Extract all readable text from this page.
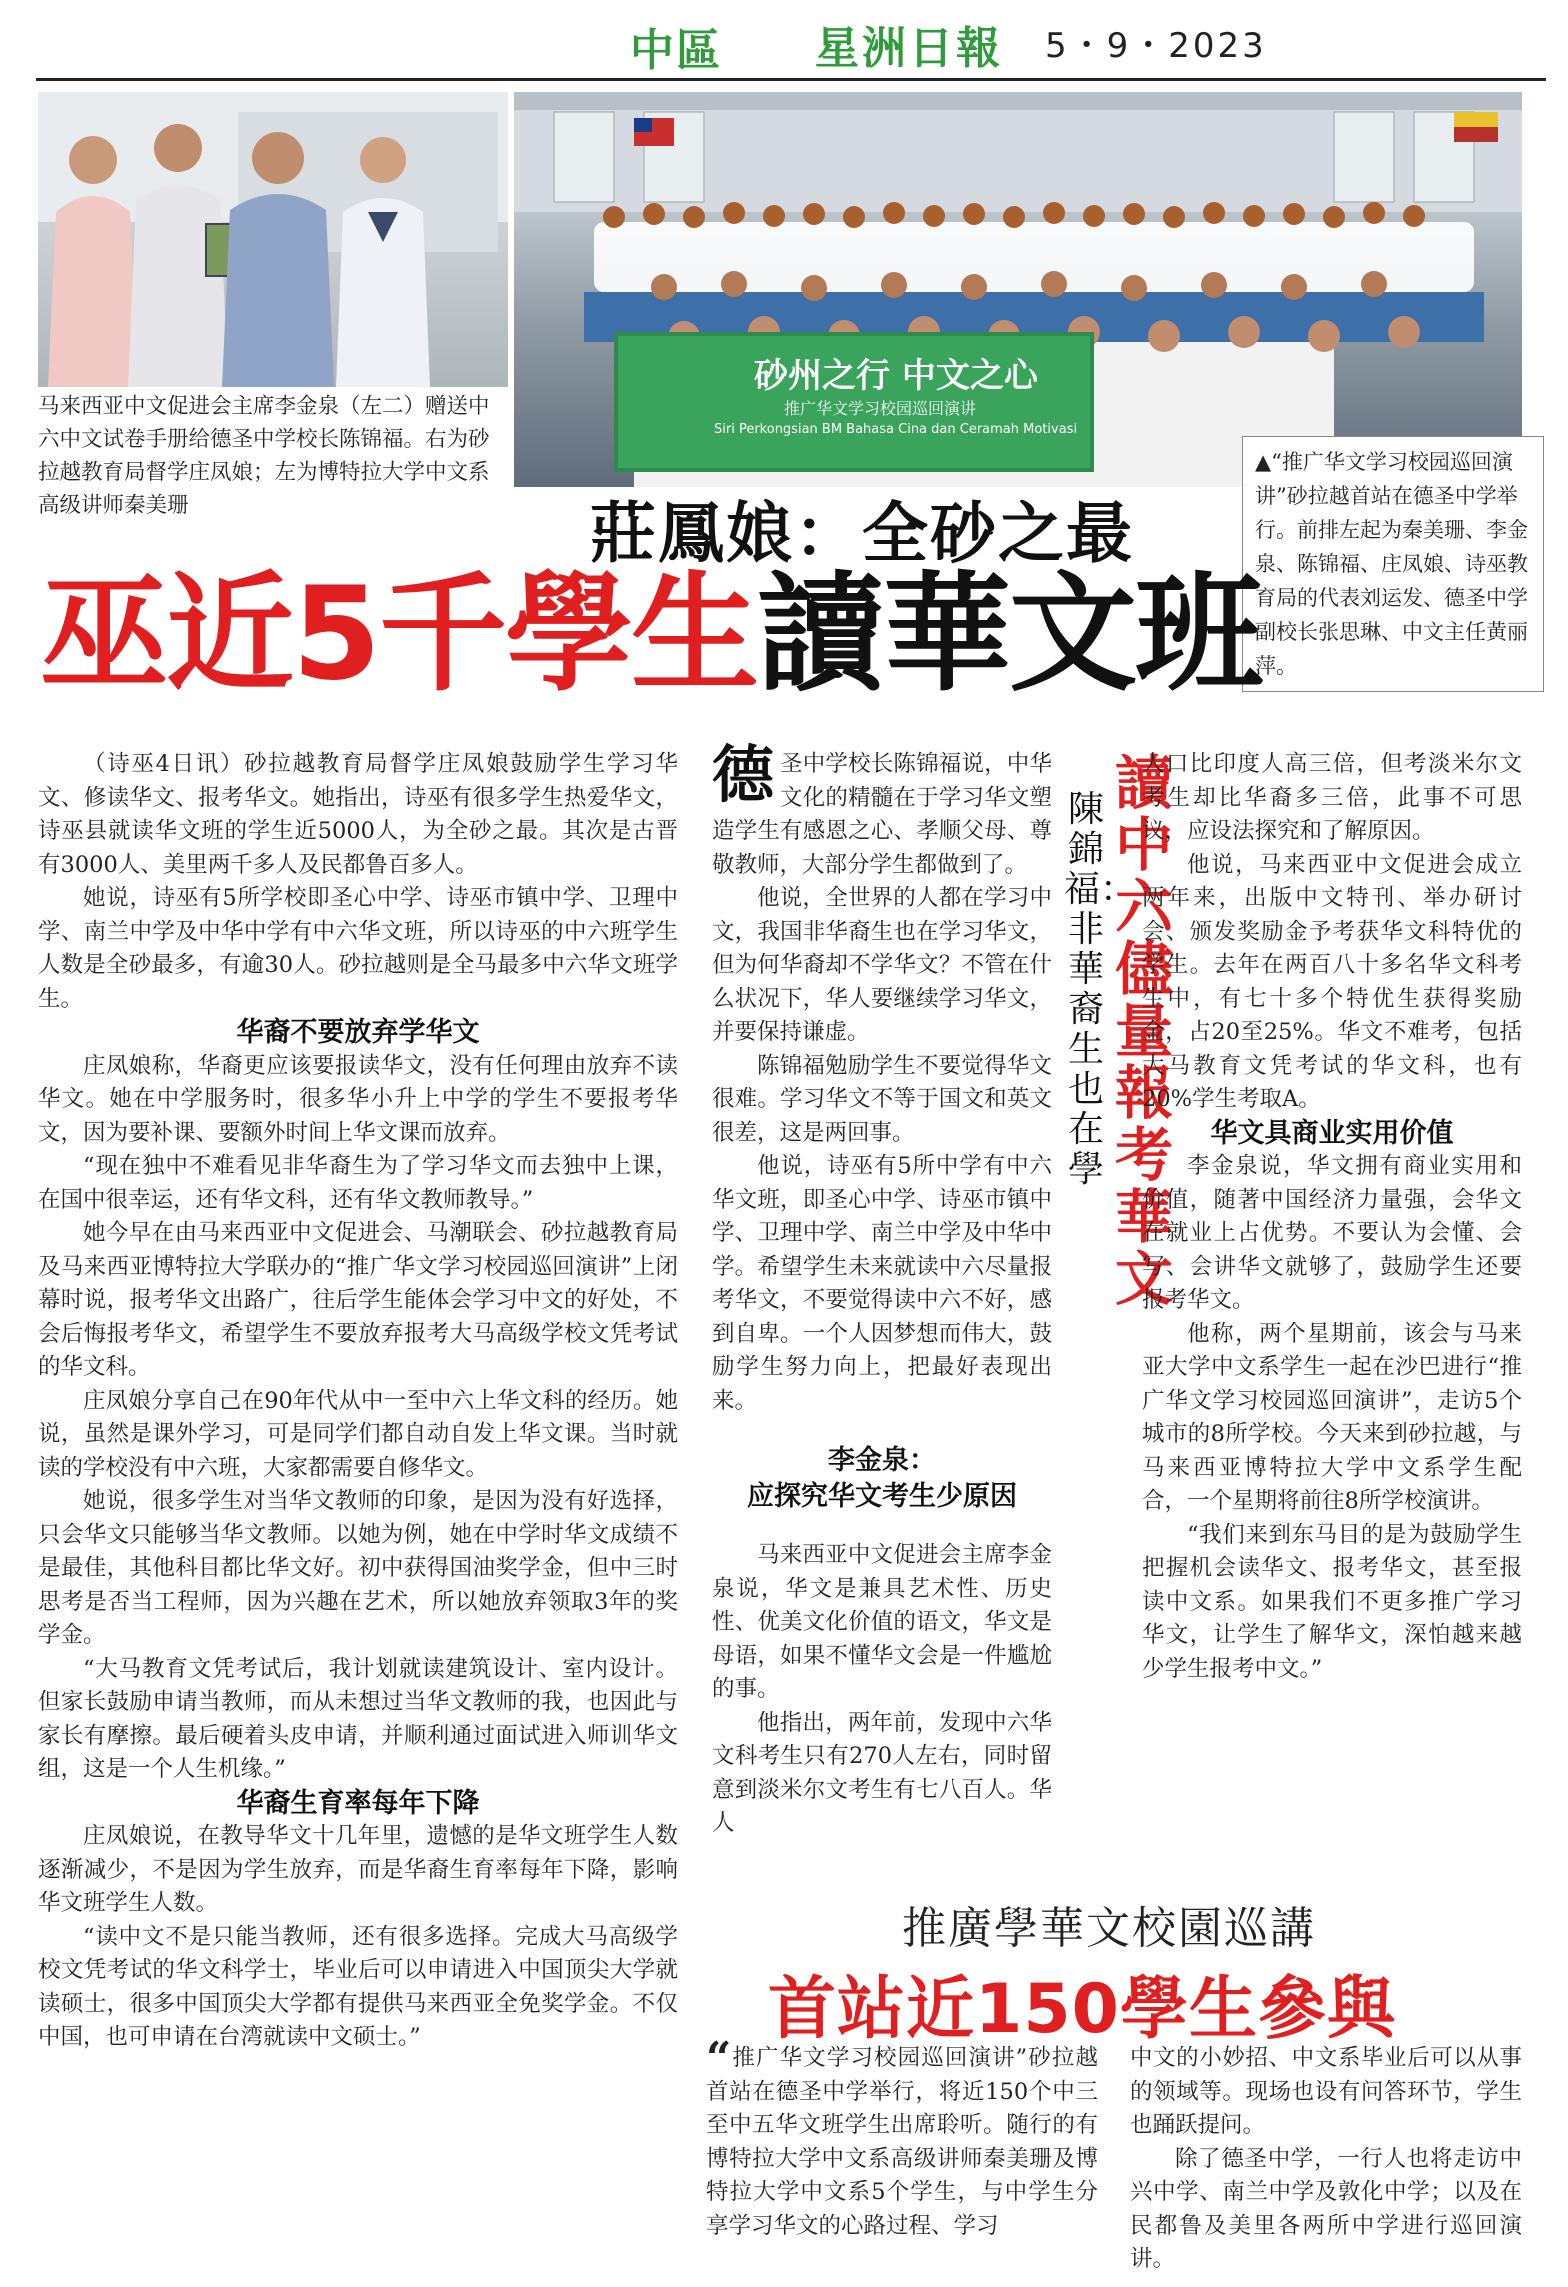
中區 星洲日報 5・9・2023
马来西亚中文促进会主席李金泉（左二）赠送中六中文试卷手册给德圣中学校长陈锦福。右为砂拉越教育局督学庄凤娘；左为博特拉大学中文系高级讲师秦美珊
砂州之行 中文之心
推广华文学习校园巡回演讲
Siri Perkongsian BM Bahasa Cina dan Ceramah Motivasi
▲“推广华文学习校园巡回演讲”砂拉越首站在德圣中学举行。前排左起为秦美珊、李金泉、陈锦福、庄凤娘、诗巫教育局的代表刘运发、德圣中学副校长张思琳、中文主任黄丽萍。
莊鳳娘：全砂之最
巫近5千學生讀華文班

（诗巫4日讯）砂拉越教育局督学庄凤娘鼓励学生学习华文、修读华文、报考华文。她指出，诗巫有很多学生热爱华文，诗巫县就读华文班的学生近5000人，为全砂之最。其次是古晋有3000人、美里两千多人及民都鲁百多人。

她说，诗巫有5所学校即圣心中学、诗巫市镇中学、卫理中学、南兰中学及中华中学有中六华文班，所以诗巫的中六班学生人数是全砂最多，有逾30人。砂拉越则是全马最多中六华文班学生。

华裔不要放弃学华文

庄凤娘称，华裔更应该要报读华文，没有任何理由放弃不读华文。她在中学服务时，很多华小升上中学的学生不要报考华文，因为要补课、要额外时间上华文课而放弃。

“现在独中不难看见非华裔生为了学习华文而去独中上课，在国中很幸运，还有华文科，还有华文教师教导。”

她今早在由马来西亚中文促进会、马潮联会、砂拉越教育局及马来西亚博特拉大学联办的“推广华文学习校园巡回演讲”上闭幕时说，报考华文出路广，往后学生能体会学习中文的好处，不会后悔报考华文，希望学生不要放弃报考大马高级学校文凭考试的华文科。

庄凤娘分享自己在90年代从中一至中六上华文科的经历。她说，虽然是课外学习，可是同学们都自动自发上华文课。当时就读的学校没有中六班，大家都需要自修华文。

她说，很多学生对当华文教师的印象，是因为没有好选择，只会华文只能够当华文教师。以她为例，她在中学时华文成绩不是最佳，其他科目都比华文好。初中获得国油奖学金，但中三时思考是否当工程师，因为兴趣在艺术，所以她放弃领取3年的奖学金。

“大马教育文凭考试后，我计划就读建筑设计、室内设计。但家长鼓励申请当教师，而从未想过当华文教师的我，也因此与家长有摩擦。最后硬着头皮申请，并顺利通过面试进入师训华文组，这是一个人生机缘。”

华裔生育率每年下降

庄凤娘说，在教导华文十几年里，遗憾的是华文班学生人数逐渐减少，不是因为学生放弃，而是华裔生育率每年下降，影响华文班学生人数。

“读中文不是只能当教师，还有很多选择。完成大马高级学校文凭考试的华文科学士，毕业后可以申请进入中国顶尖大学就读硕士，很多中国顶尖大学都有提供马来西亚全免奖学金。不仅中国，也可申请在台湾就读中文硕士。”

德圣中学校长陈锦福说，中华文化的精髓在于学习华文塑造学生有感恩之心、孝顺父母、尊敬教师，大部分学生都做到了。

他说，全世界的人都在学习中文，我国非华裔生也在学习华文，但为何华裔却不学华文？不管在什么状况下，华人要继续学习华文，并要保持谦虚。

陈锦福勉励学生不要觉得华文很难。学习华文不等于国文和英文很差，这是两回事。

他说，诗巫有5所中学有中六华文班，即圣心中学、诗巫市镇中学、卫理中学、南兰中学及中华中学。希望学生未来就读中六尽量报考华文，不要觉得读中六不好，感到自卑。一个人因梦想而伟大，鼓励学生努力向上，把最好表现出来。

李金泉：

应探究华文考生少原因

马来西亚中文促进会主席李金泉说，华文是兼具艺术性、历史性、优美文化价值的语文，华文是母语，如果不懂华文会是一件尴尬的事。

他指出，两年前，发现中六华文科考生只有270人左右，同时留意到淡米尔文考生有七八百人。华人

讀中六儘量報考華文
陳錦福：非華裔生也在學

人口比印度人高三倍，但考淡米尔文考生却比华裔多三倍，此事不可思议，应设法探究和了解原因。

他说，马来西亚中文促进会成立两年来，出版中文特刊、举办研讨会、颁发奖励金予考获华文科特优的学生。去年在两百八十多名华文科考生中，有七十多个特优生获得奖励金，占20至25%。华文不难考，包括大马教育文凭考试的华文科，也有20%学生考取A。

华文具商业实用价值

李金泉说，华文拥有商业实用和价值，随著中国经济力量强，会华文在就业上占优势。不要认为会懂、会写、会讲华文就够了，鼓励学生还要报考华文。

他称，两个星期前，该会与马来亚大学中文系学生一起在沙巴进行“推广华文学习校园巡回演讲”，走访5个城市的8所学校。今天来到砂拉越，与马来西亚博特拉大学中文系学生配合，一个星期将前往8所学校演讲。

“我们来到东马目的是为鼓励学生把握机会读华文、报考华文，甚至报读中文系。如果我们不更多推广学习华文，让学生了解华文，深怕越来越少学生报考中文。”

推廣學華文校園巡講
首站近150學生參與

“推广华文学习校园巡回演讲”砂拉越首站在德圣中学举行，将近150个中三至中五华文班学生出席聆听。随行的有博特拉大学中文系高级讲师秦美珊及博特拉大学中文系5个学生，与中学生分享学习华文的心路过程、学习

中文的小妙招、中文系毕业后可以从事的领域等。现场也设有问答环节，学生也踊跃提问。

除了德圣中学，一行人也将走访中兴中学、南兰中学及敦化中学；以及在民都鲁及美里各两所中学进行巡回演讲。
